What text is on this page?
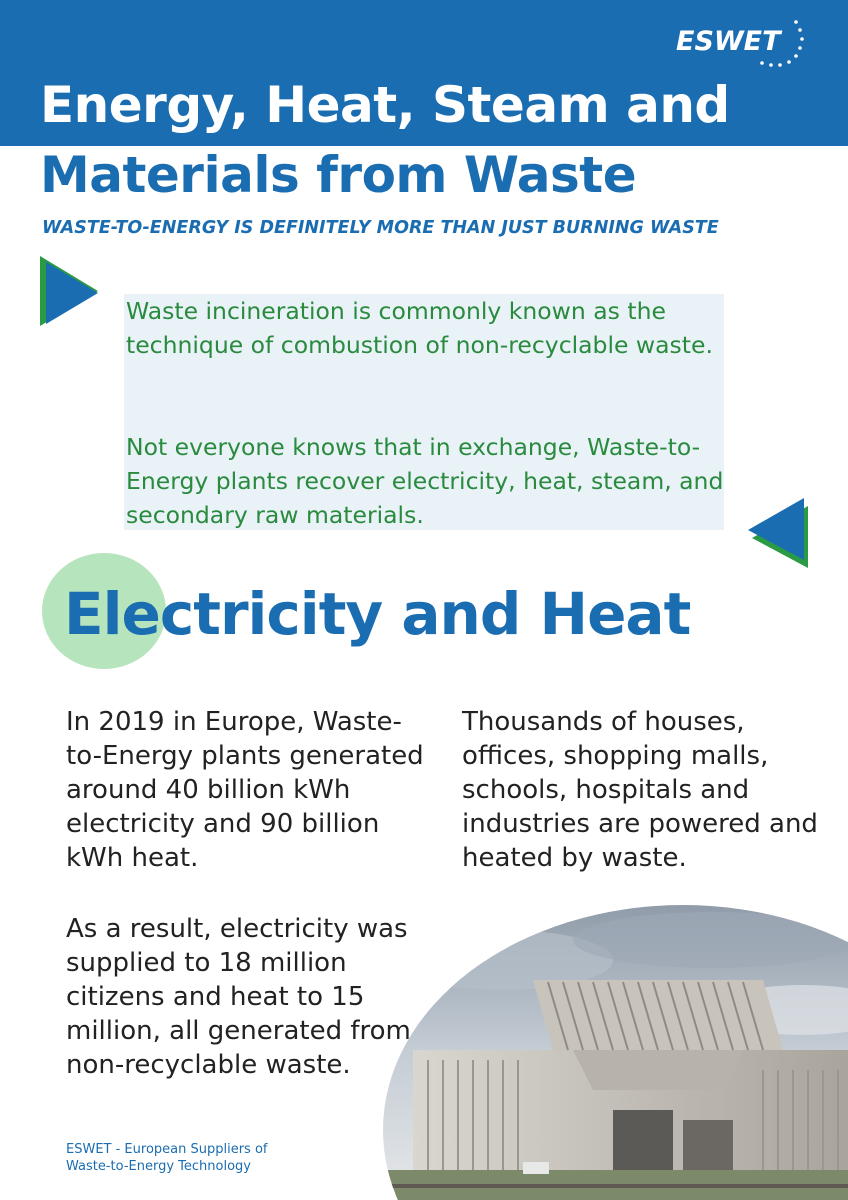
ESWET
Energy, Heat, Steam and
Materials from Waste
WASTE-TO-ENERGY IS DEFINITELY MORE THAN JUST BURNING WASTE

Waste incineration is commonly known as the technique of combustion of non-recyclable waste.

Not everyone knows that in exchange, Waste-to-Energy plants recover electricity, heat, steam, and secondary raw materials.

Electricity and Heat

In 2019 in Europe, Waste-to-Energy plants generated around 40 billion kWh electricity and 90 billion kWh heat.

As a result, electricity was supplied to 18 million citizens and heat to 15 million, all generated from non-recyclable waste.

Thousands of houses, offices, shopping malls, schools, hospitals and industries are powered and heated by waste.

ESWET - European Suppliers of
Waste-to-Energy Technology
